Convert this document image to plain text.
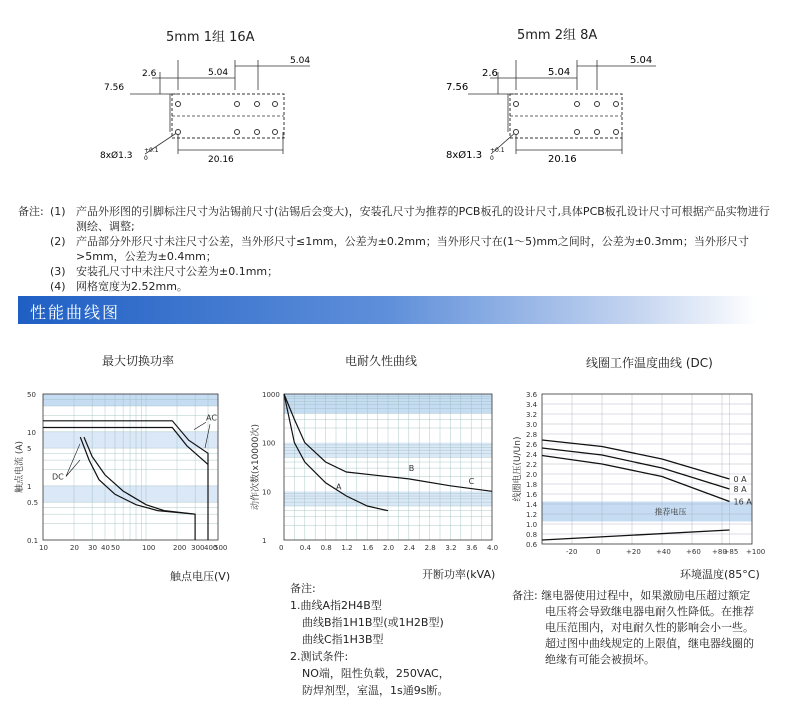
5mm 1组 16A	5mm 2组 8A
5.04
2.6	5.04
7.56
8xØ1.3
+0.1
0	20.16
5.04
2.6	5.04
7.56
8xØ1.3 +0.1
0	20.16
备注: (1) 产品外形图的引脚标注尺寸为沾锡前尺寸(沾锡后会变大)，安装孔尺寸为推荐的PCB板孔的设计尺寸,具体PCB板孔设计尺寸可根据产品实物进行测绘、调整;
(2) 产品部分外形尺寸未注尺寸公差，当外形尺寸≤1mm，公差为±0.2mm；当外形尺寸在(1～5)mm之间时，公差为±0.3mm；当外形尺寸>5mm，公差为±0.4mm；
(3) 安装孔尺寸中未注尺寸公差为±0.1mm；
(4) 网格宽度为2.52mm。
性能曲线图
最大切换功率	电耐久性曲线	线圈工作温度曲线 (DC)
10	20 30 40 50	100	200 300 400
500
50
10
5
1
0.5
0.1
AC
DC
触点电流 (A)
0 0.4 0.8 1.2 1.6 2.0 2.4 2.8 3.2 3.6 4.0
1000
100
10
1
A
B
C
动作次数(x10000次)
-20	0	+20 +40 +60 +80
+85 +100
0.6
0.8
1.0
1.2
1.4
1.6
1.8
2.0
2.2
2.4
2.6
2.8
3.0
3.2
3.4
3.6
0 A
8 A
16 A
推荐电压
线圈电压(U/Un)
触点电压(V)	开断功率(kVA)	环境温度(85°C)
备注:
1.曲线A指2H4B型
曲线B指1H1B型(或1H2B型)
曲线C指1H3B型
2.测试条件:
NO端，阻性负载，250VAC，
防焊剂型，室温，1s通9s断。
备注: 继电器使用过程中，如果激励电压超过额定
电压将会导致继电器电耐久性降低。在推荐
电压范围内，对电耐久性的影响会小一些。
超过图中曲线规定的上限值，继电器线圈的
绝缘有可能会被损坏。
